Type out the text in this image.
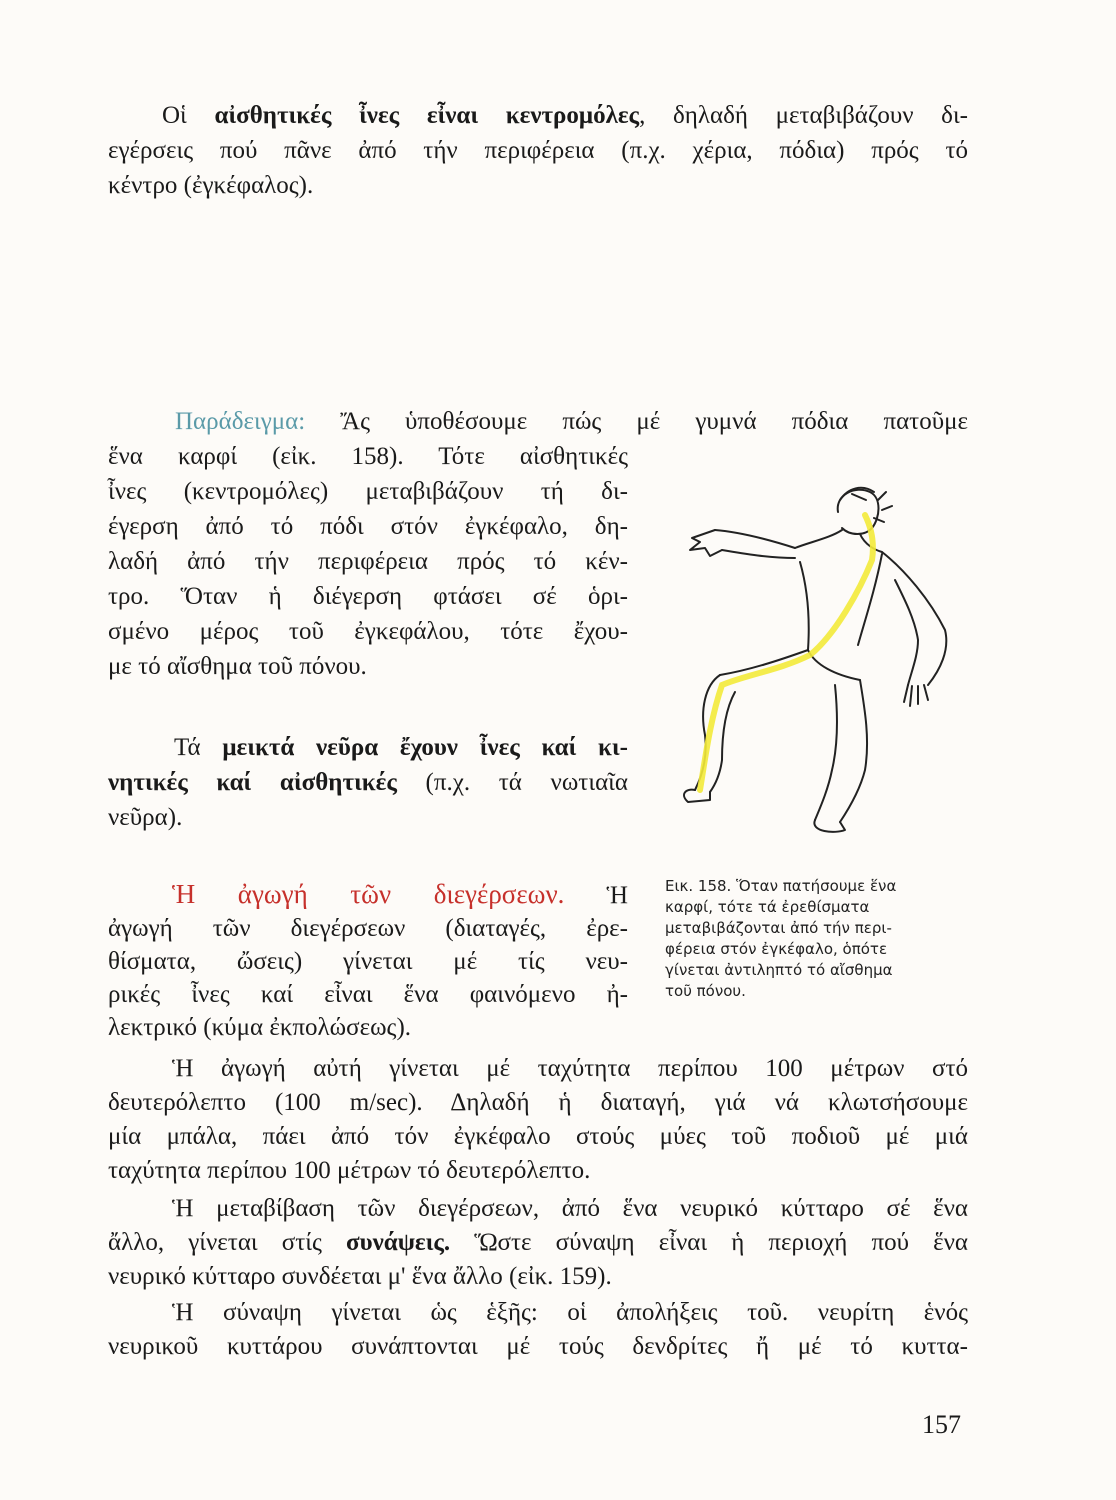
Οἱ αἰσθητικές ἶνες εἶναι κεντρομόλες, δηλαδή μεταβιβάζουν δι-
εγέρσεις πού πᾶνε ἀπό τήν περιφέρεια (π.χ. χέρια, πόδια) πρός τό
κέντρο (ἐγκέφαλος).
Παράδειγμα: Ἄς ὑποθέσουμε πώς μέ γυμνά πόδια πατοῦμε
ἕνα καρφί (εἰκ. 158). Τότε αἰσθητικές
ἶνες (κεντρομόλες) μεταβιβάζουν τή δι-
έγερση ἀπό τό πόδι στόν ἐγκέφαλο, δη-
λαδή ἀπό τήν περιφέρεια πρός τό κέν-
τρο. Ὅταν ἡ διέγερση φτάσει σέ ὁρι-
σμένο μέρος τοῦ ἐγκεφάλου, τότε ἔχου-
με τό αἴσθημα τοῦ πόνου.
Τά μεικτά νεῦρα ἔχουν ἶνες καί κι-
νητικές καί αἰσθητικές (π.χ. τά νωτιαῖα
νεῦρα).
Ἡ ἀγωγή τῶν διεγέρσεων. Ἡ
ἀγωγή τῶν διεγέρσεων (διαταγές, ἐρε-
θίσματα, ὤσεις) γίνεται μέ τίς νευ-
ρικές ἶνες καί εἶναι ἕνα φαινόμενο ἠ-
λεκτρικό (κύμα ἐκπολώσεως).
Ἡ ἀγωγή αὐτή γίνεται μέ ταχύτητα περίπου 100 μέτρων στό
δευτερόλεπτο (100 m/sec). Δηλαδή ἡ διαταγή, γιά νά κλωτσήσουμε
μία μπάλα, πάει ἀπό τόν ἐγκέφαλο στούς μύες τοῦ ποδιοῦ μέ μιά
ταχύτητα περίπου 100 μέτρων τό δευτερόλεπτο.
Ἡ μεταβίβαση τῶν διεγέρσεων, ἀπό ἕνα νευρικό κύτταρο σέ ἕνα
ἄλλο, γίνεται στίς συνάψεις. Ὥστε σύναψη εἶναι ἡ περιοχή πού ἕνα
νευρικό κύτταρο συνδέεται μ' ἕνα ἄλλο (εἰκ. 159).
Ἡ σύναψη γίνεται ὡς ἑξῆς: οἱ ἀπολήξεις τοῦ. νευρίτη ἑνός
νευρικοῦ κυττάρου συνάπτονται μέ τούς δενδρίτες ἤ μέ τό κυττα-
Εικ. 158. Ὅταν πατήσουμε ἕνα
καρφί, τότε τά ἐρεθίσματα
μεταβιβάζονται ἀπό τήν περι-
φέρεια στόν ἐγκέφαλο, ὁπότε
γίνεται ἀντιληπτό τό αἴσθημα
τοῦ πόνου.
157
